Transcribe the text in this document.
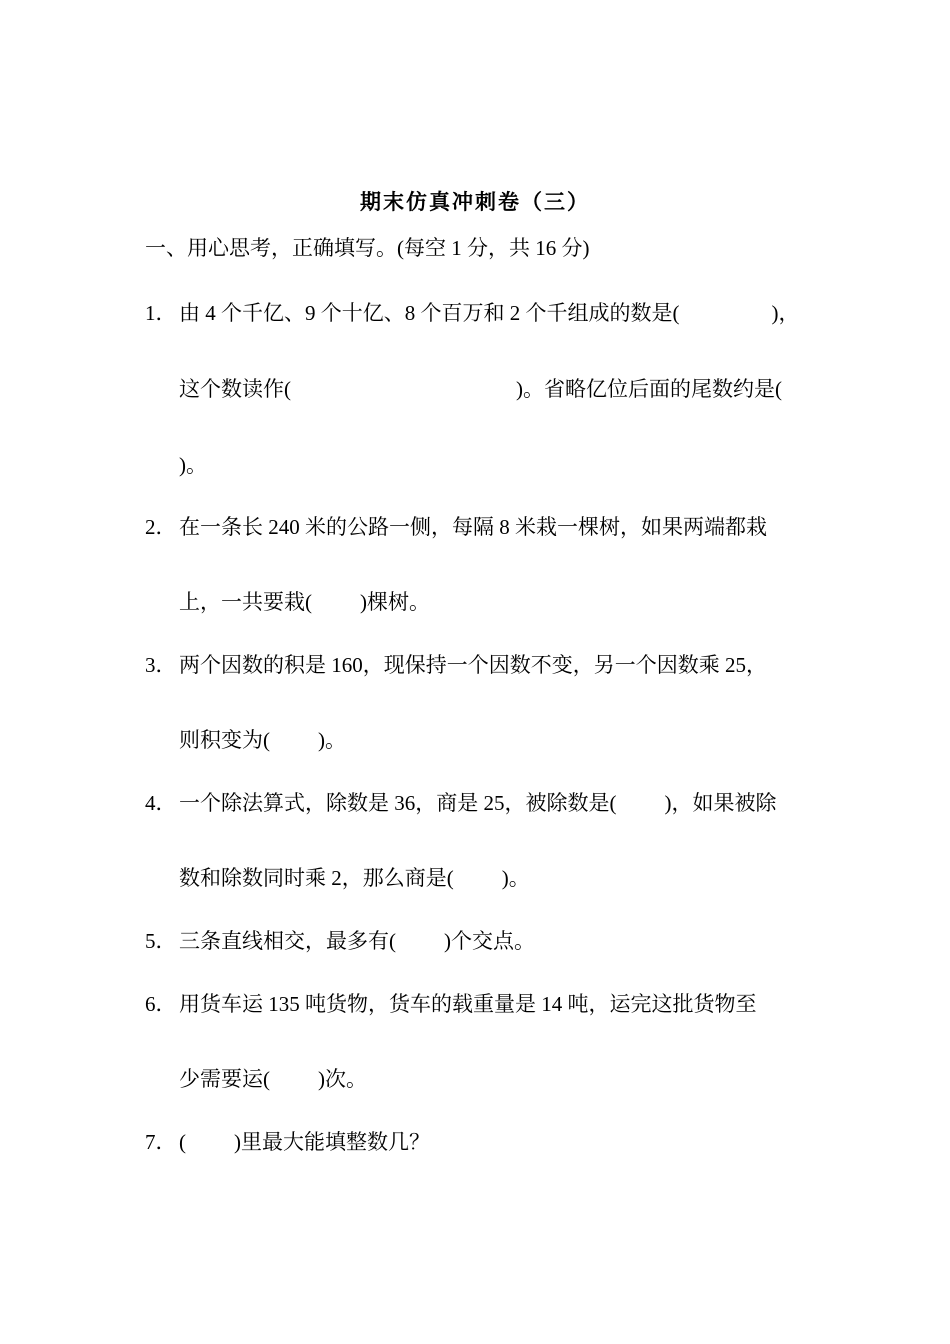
期末仿真冲刺卷（三）
一、用心思考，正确填写。(每空 1 分，共 16 分)
1． 由 4 个千亿、9 个十亿、8 个百万和 2 个千组成的数是(	)，
这个数读作(	)。省略亿位后面的尾数约是(
)。
2． 在一条长 240 米的公路一侧，每隔 8 米栽一棵树，如果两端都栽
上，一共要栽( )棵树。
3． 两个因数的积是 160，现保持一个因数不变，另一个因数乘 25，
则积变为( )。
4． 一个除法算式，除数是 36，商是 25，被除数是( )，如果被除
数和除数同时乘 2，那么商是( )。
5． 三条直线相交，最多有( )个交点。
6． 用货车运 135 吨货物，货车的载重量是 14 吨，运完这批货物至
少需要运( )次。
7． ( )里最大能填整数几？
